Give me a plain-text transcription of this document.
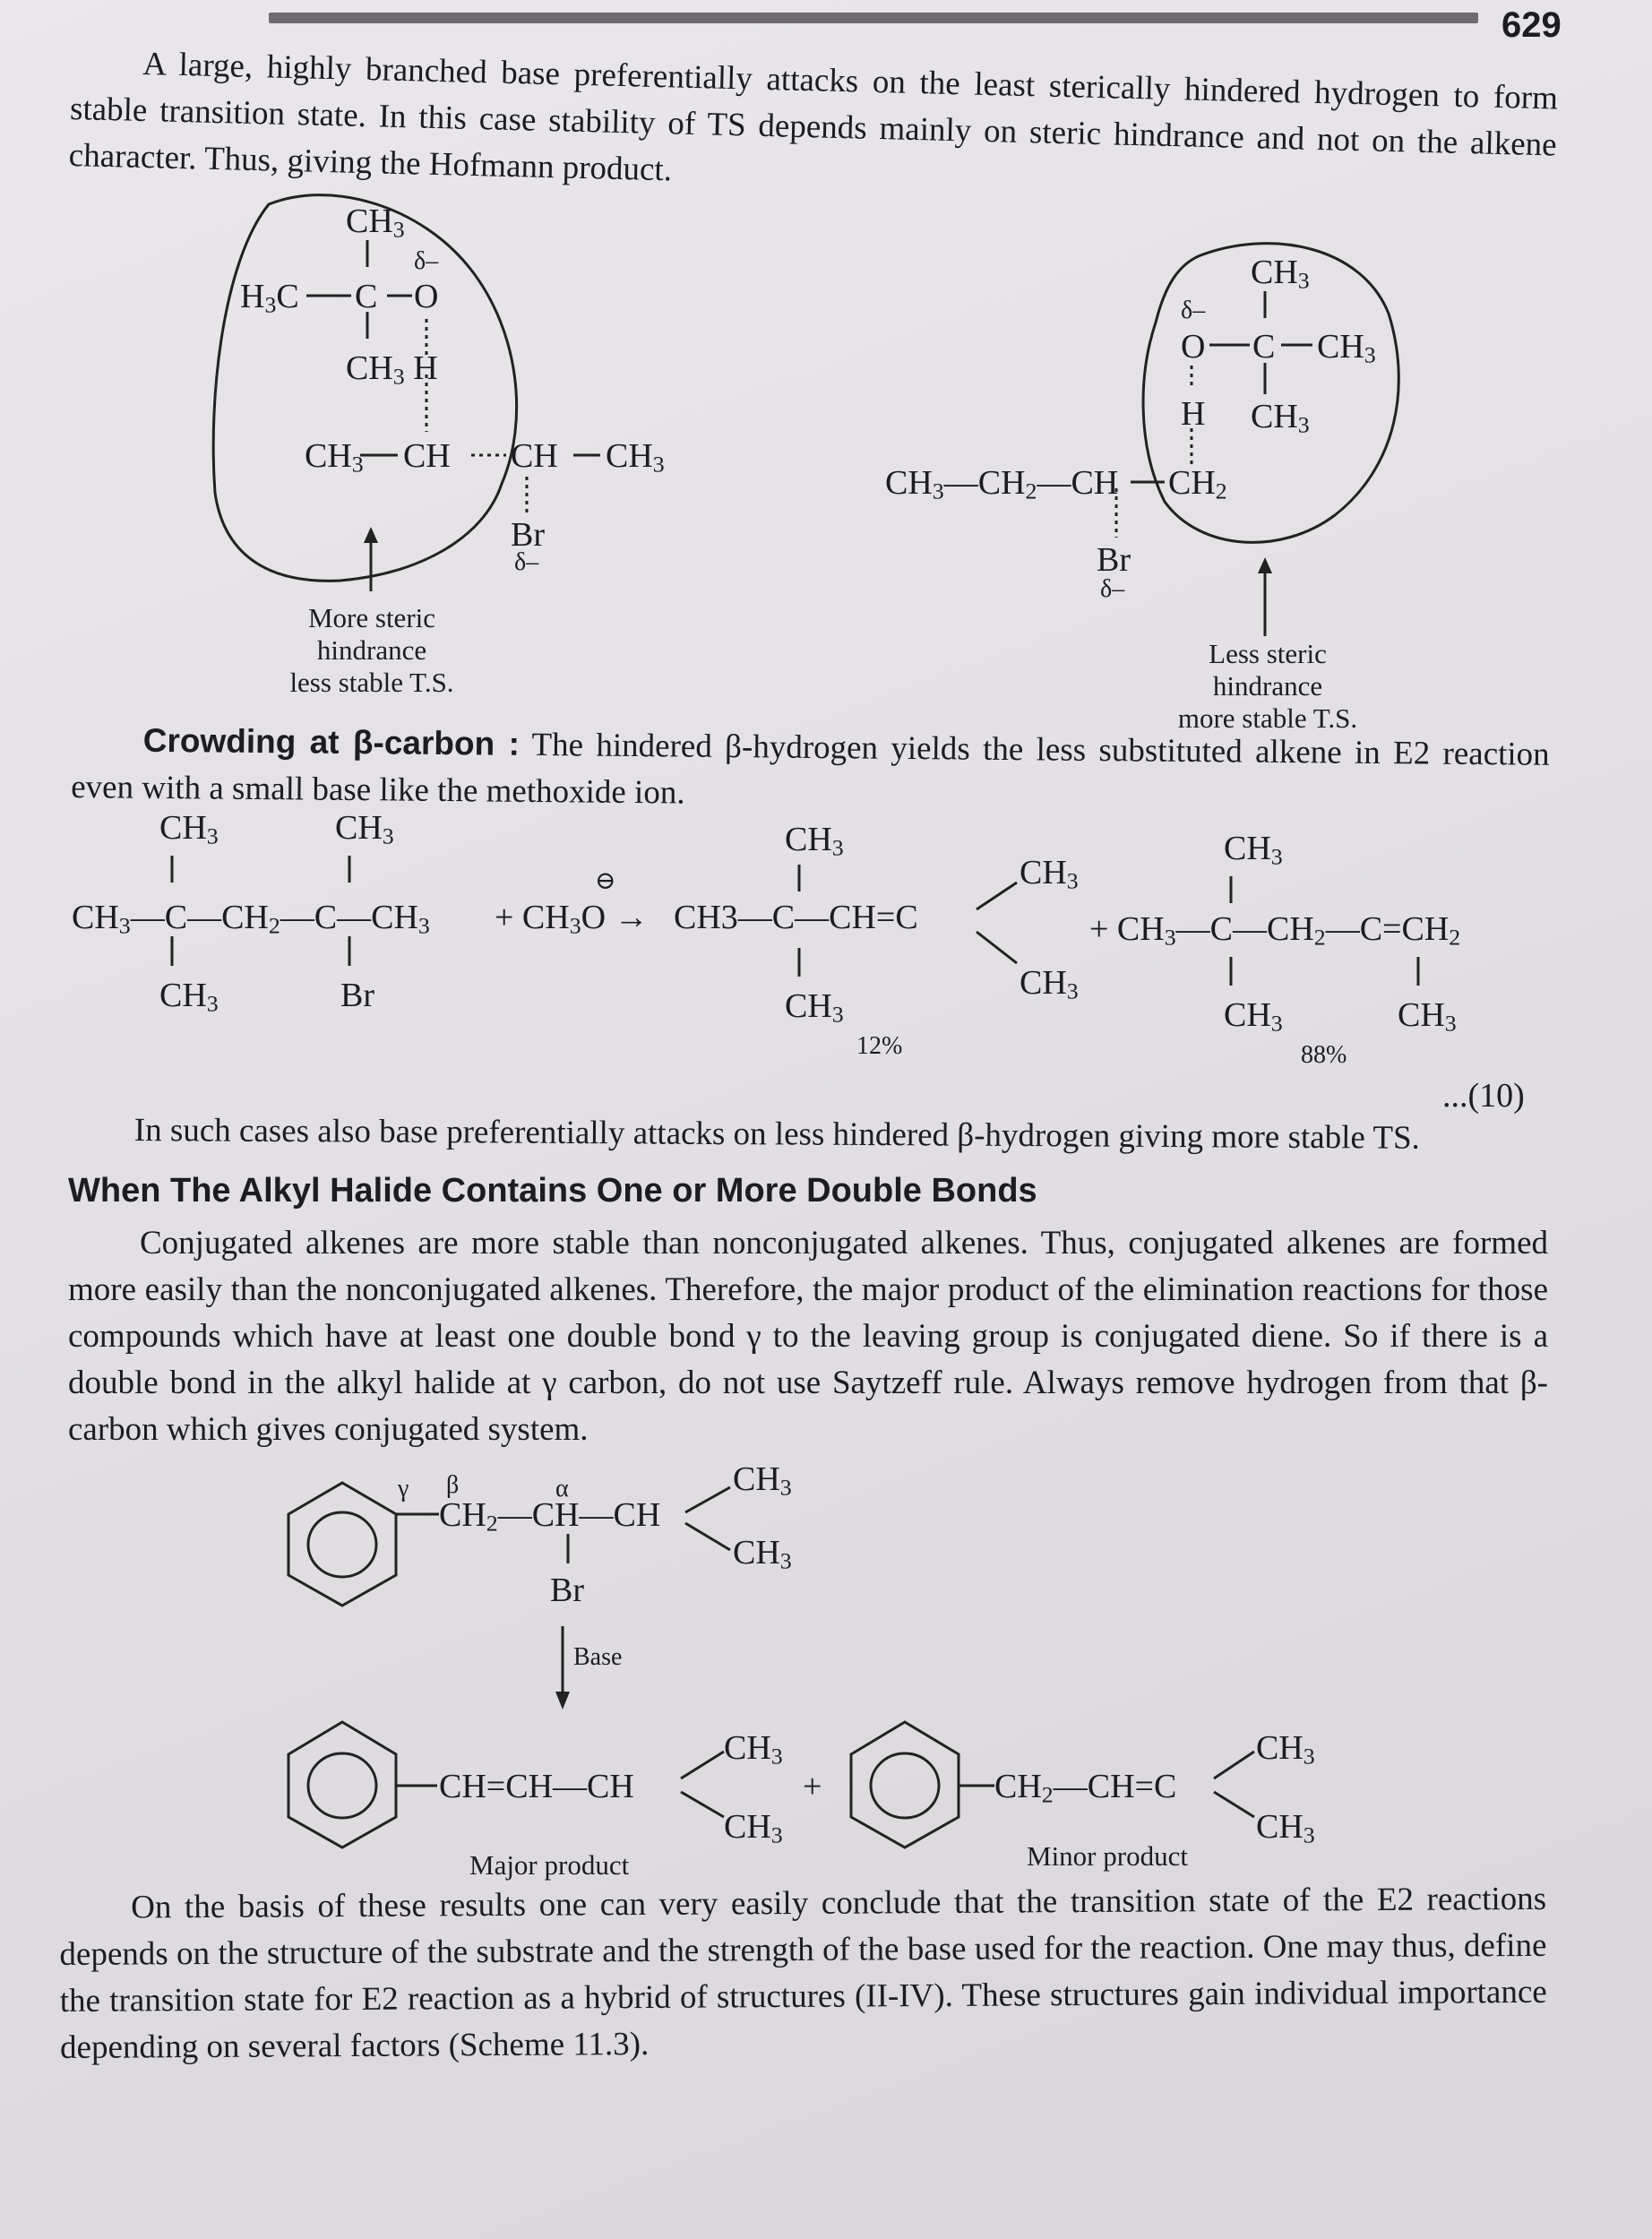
629
A large, highly branched base preferentially attacks on the least sterically hindered hydrogen to form stable transition state. In this case stability of TS depends mainly on steric hindrance and not on the alkene character. Thus, giving the Hofmann product.
$CH_3$
δ–
$H_3C$ C O
$CH_3$ H
$CH_3$ CH CH $CH_3$
Br
δ–
More steric
hindrance
less stable T.S.
$CH_3$
δ–
O C $CH_3$
H $CH_3$
$CH_3—CH_2—CH$ $CH_2$
Br
δ–
Less steric
hindrance
more stable T.S.
Crowding at β-carbon : The hindered β-hydrogen yields the less substituted alkene in E2 reaction even with a small base like the methoxide ion.
$CH_3$	$CH_3$
$CH_3—C—CH_2—C—CH_3$
$CH_3$	Br
⊖
+ $CH_3O$ →
$CH_3$
CH3—C—CH=C
$CH_3$
$CH_3$
$CH_3$
12%
$CH_3$
+ $CH_3—C—CH_2—C=CH_2$
$CH_3$	$CH_3$
88%
...(10)
In such cases also base preferentially attacks on less hindered β-hydrogen giving more stable TS.
When The Alkyl Halide Contains One or More Double Bonds
Conjugated alkenes are more stable than nonconjugated alkenes. Thus, conjugated alkenes are formed more easily than the nonconjugated alkenes. Therefore, the major product of the elimination reactions for those compounds which have at least one double bond γ to the leaving group is conjugated diene. So if there is a double bond in the alkyl halide at γ carbon, do not use Saytzeff rule. Always remove hydrogen from that β-carbon which gives conjugated system.
γ β	α
$CH_2—CH—CH$
$CH_3$
$CH_3$
Br
Base
CH=CH—CH
$CH_3$
$CH_3$
+	$CH_2—CH=C$
$CH_3$
$CH_3$
Major product	Minor product
On the basis of these results one can very easily conclude that the transition state of the E2 reactions depends on the structure of the substrate and the strength of the base used for the reaction. One may thus, define the transition state for E2 reaction as a hybrid of structures (II-IV). These structures gain individual importance depending on several factors (Scheme 11.3).
